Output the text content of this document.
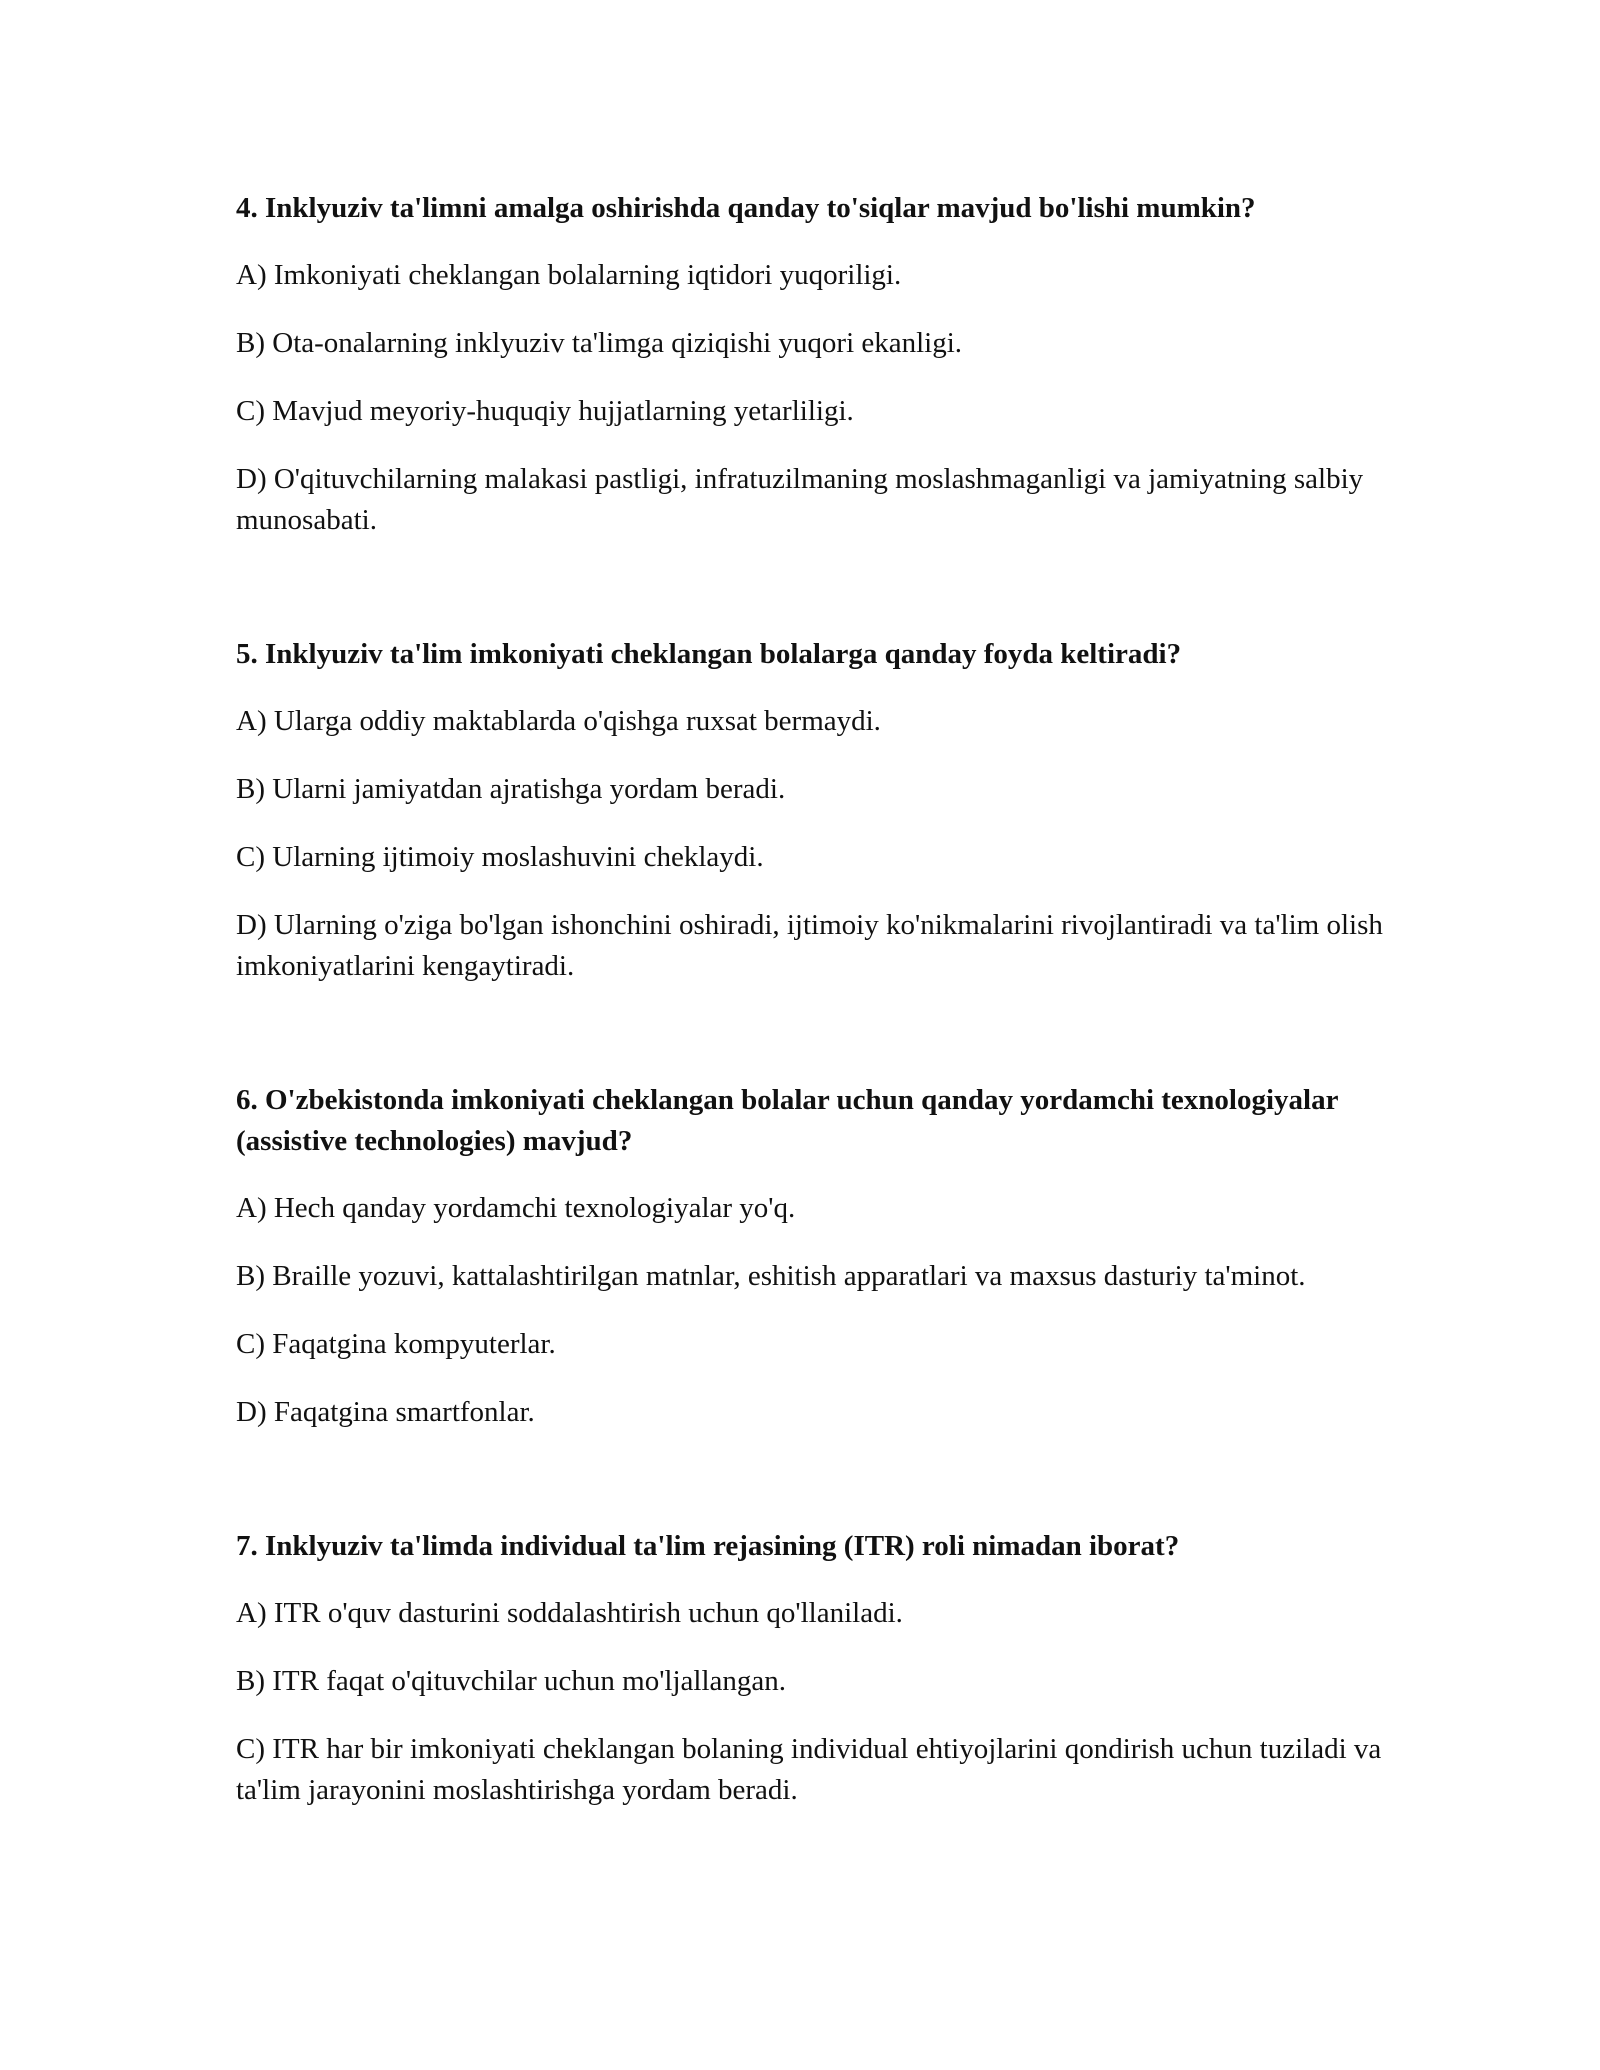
4. Inklyuziv ta'limni amalga oshirishda qanday to'siqlar mavjud bo'lishi mumkin?
A) Imkoniyati cheklangan bolalarning iqtidori yuqoriligi.
B) Ota-onalarning inklyuziv ta'limga qiziqishi yuqori ekanligi.
C) Mavjud meyoriy-huquqiy hujjatlarning yetarliligi.
D) O'qituvchilarning malakasi pastligi, infratuzilmaning moslashmaganligi va jamiyatning salbiy munosabati.
5. Inklyuziv ta'lim imkoniyati cheklangan bolalarga qanday foyda keltiradi?
A) Ularga oddiy maktablarda o'qishga ruxsat bermaydi.
B) Ularni jamiyatdan ajratishga yordam beradi.
C) Ularning ijtimoiy moslashuvini cheklaydi.
D) Ularning o'ziga bo'lgan ishonchini oshiradi, ijtimoiy ko'nikmalarini rivojlantiradi va ta'lim olish imkoniyatlarini kengaytiradi.
6. O'zbekistonda imkoniyati cheklangan bolalar uchun qanday yordamchi texnologiyalar (assistive technologies) mavjud?
A) Hech qanday yordamchi texnologiyalar yo'q.
B) Braille yozuvi, kattalashtirilgan matnlar, eshitish apparatlari va maxsus dasturiy ta'minot.
C) Faqatgina kompyuterlar.
D) Faqatgina smartfonlar.
7. Inklyuziv ta'limda individual ta'lim rejasining (ITR) roli nimadan iborat?
A) ITR o'quv dasturini soddalashtirish uchun qo'llaniladi.
B) ITR faqat o'qituvchilar uchun mo'ljallangan.
C) ITR har bir imkoniyati cheklangan bolaning individual ehtiyojlarini qondirish uchun tuziladi va ta'lim jarayonini moslashtirishga yordam beradi.
